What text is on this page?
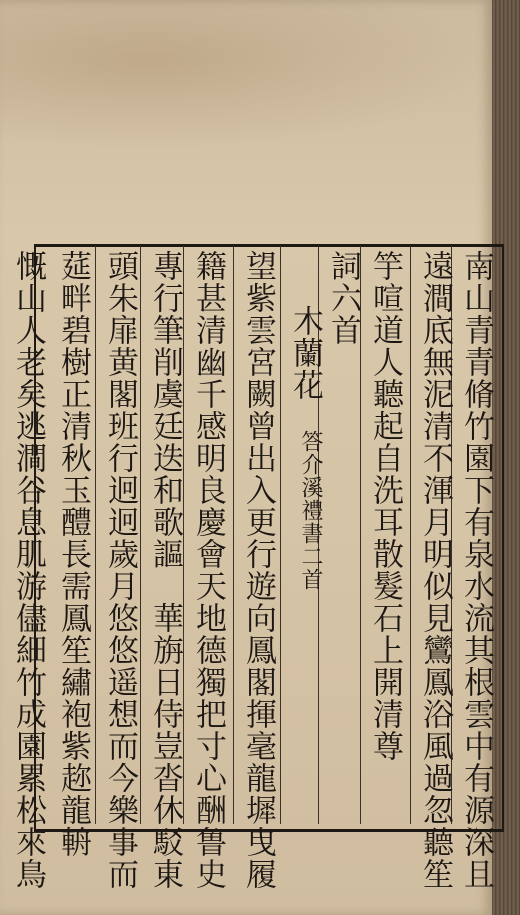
南山青青脩竹園下有泉水流其根雲中有源深且
遠澗底無泥清不渾月明似見鸞鳳浴風過忽聽笙
竽喧道人聽起自洗耳散髮石上開清尊
詞六首
木蘭花
答介溪禮書二首
望紫雲宮闕曾出入更行遊向鳳閣揮毫龍墀曳履
籍甚清幽千感明良慶會天地德獨把寸心酬鲁史
專行筆削虞廷迭和歌謳　華旃日侍豈沓休駁東
頭朱扉黄閣班行迥迥歲月悠悠遥想而今樂事而
莚畔碧樹正清秋玉醴長需鳳笙繡袍紫趂龍輈
慨山人老矣逃澗谷息肌游儘細竹成園累松來鳥
